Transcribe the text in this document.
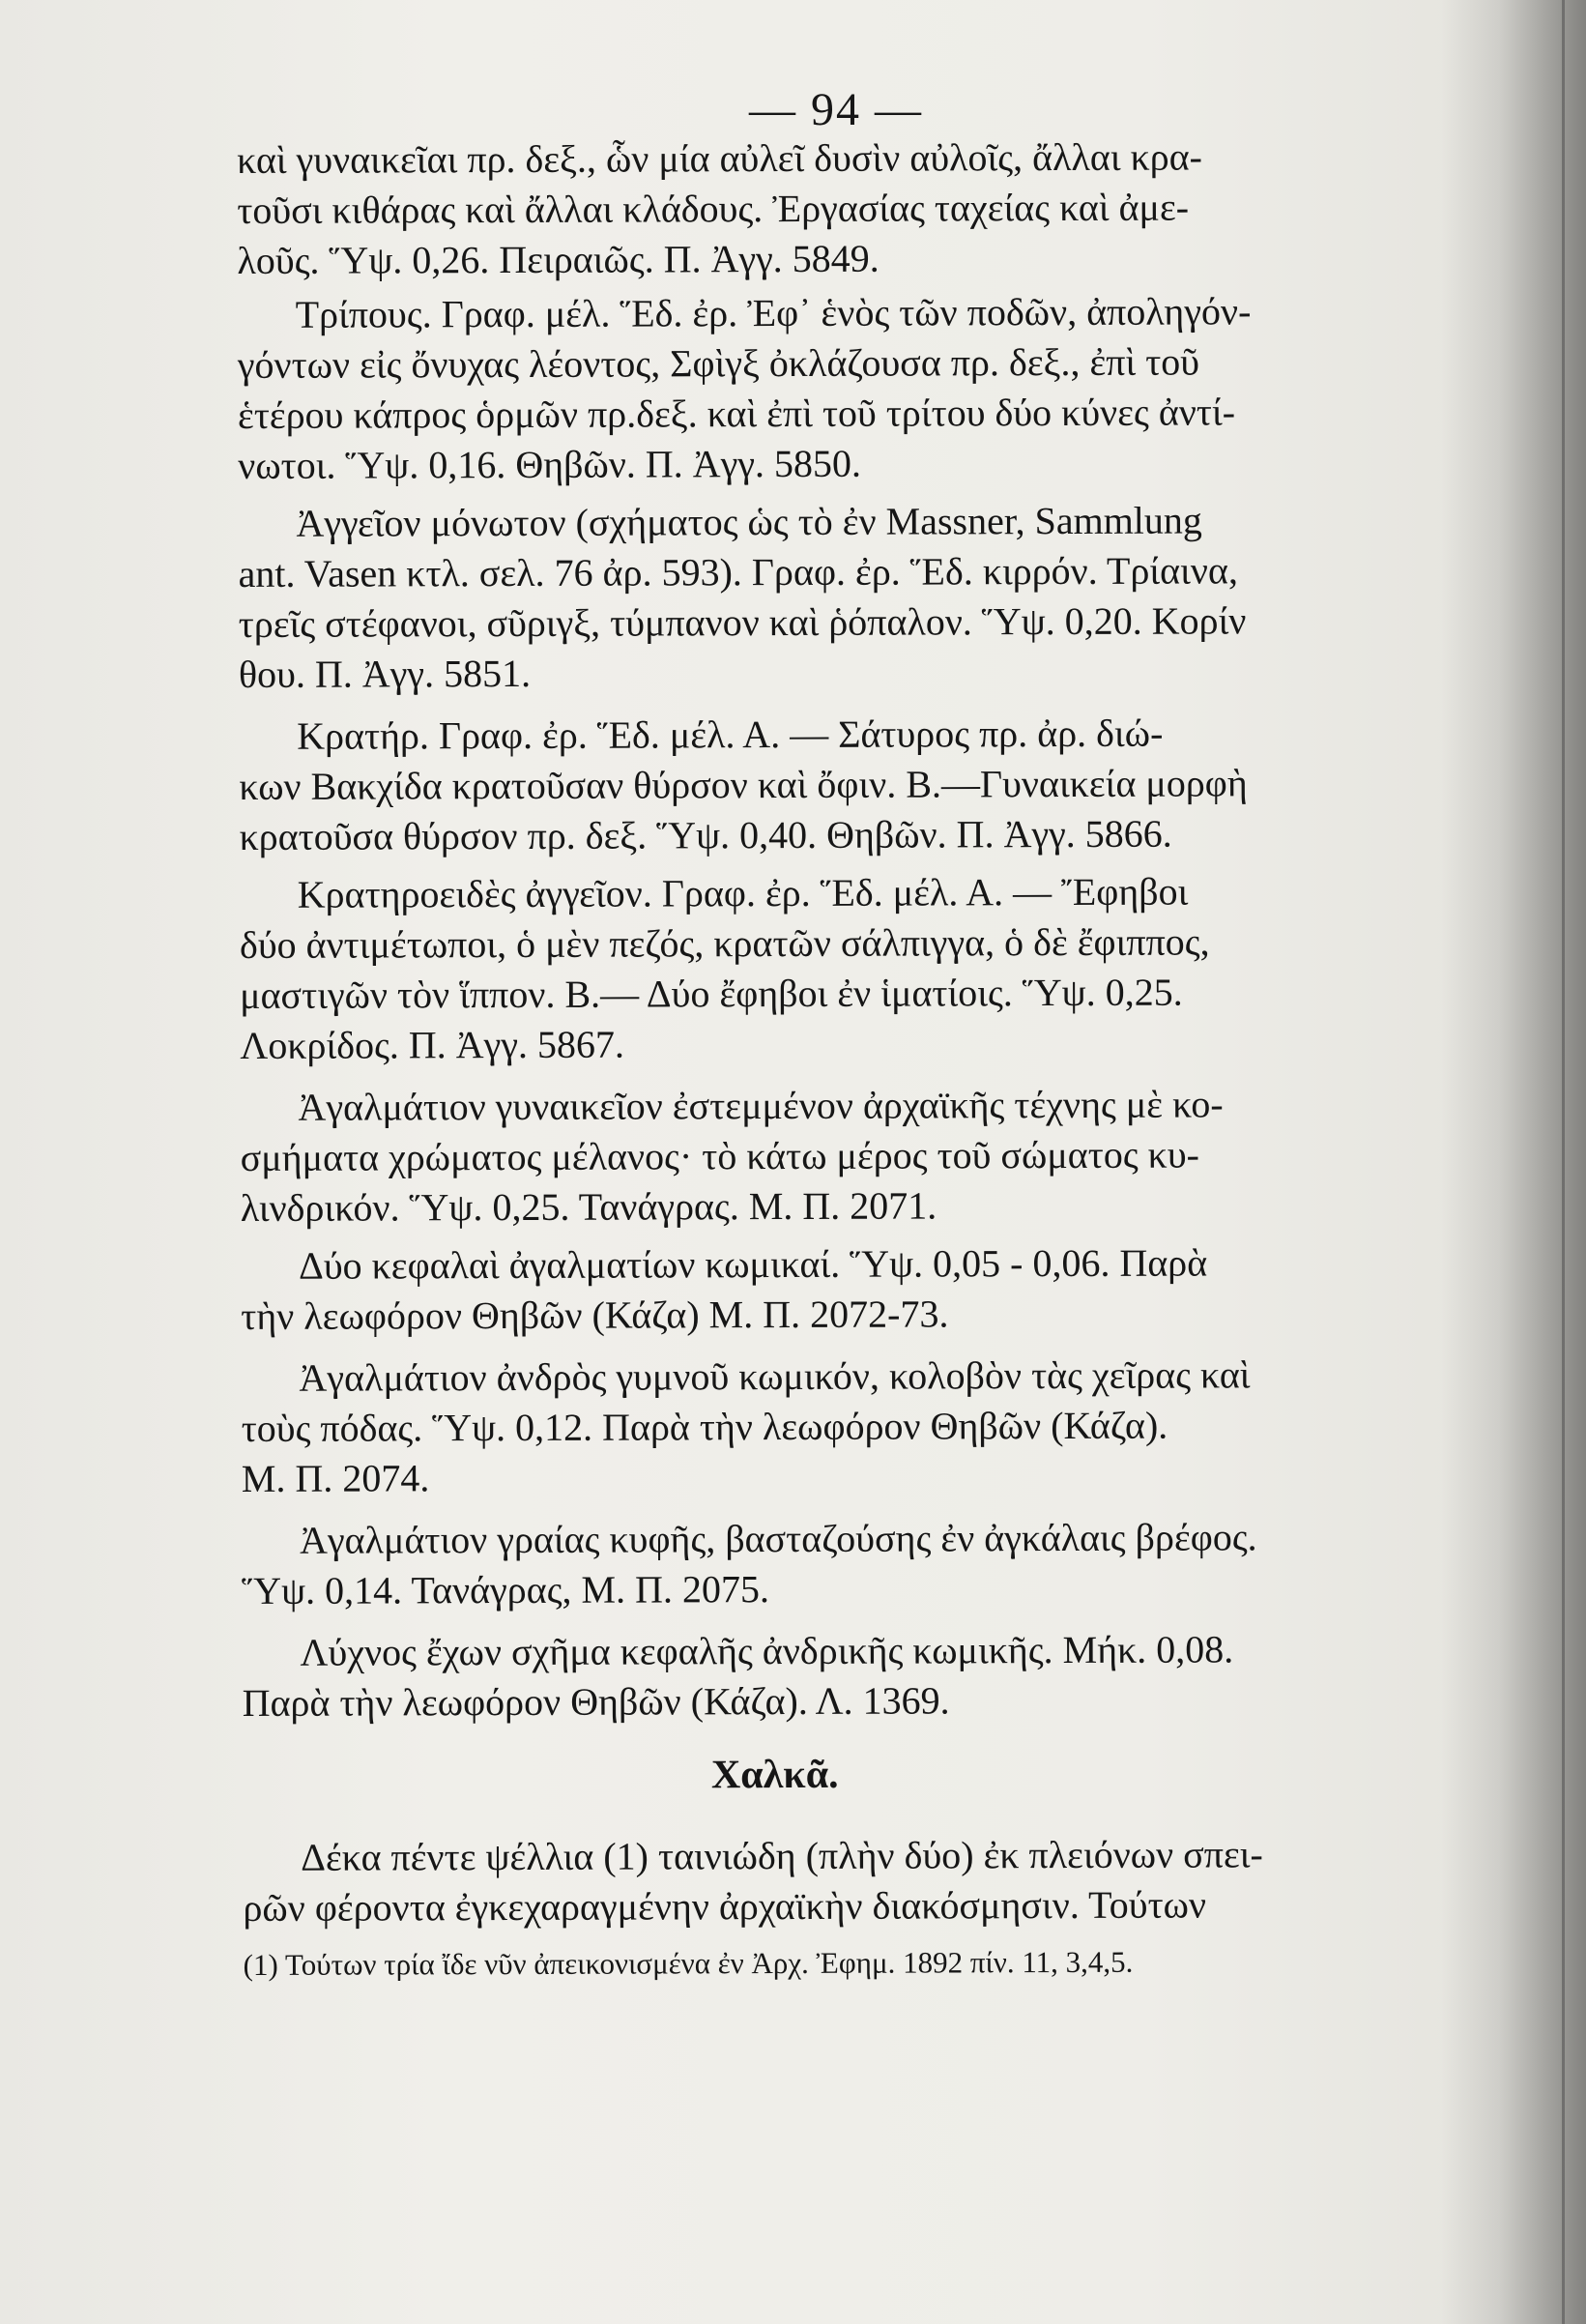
— 94 —
καὶ γυναικεῖαι πρ. δεξ., ὧν μία αὐλεῖ δυσὶν αὐλοῖς, ἄλλαι κρα-
τοῦσι κιθάρας καὶ ἄλλαι κλάδους. Ἐργασίας ταχείας καὶ ἀμε-
λοῦς. Ὕψ. 0,26. Πειραιῶς. Π. Ἀγγ. 5849.
Τρίπους. Γραφ. μέλ. Ἕδ. ἐρ. Ἐφ᾽ ἑνὸς τῶν ποδῶν, ἀποληγόν-
γόντων εἰς ὄνυχας λέοντος, Σφὶγξ ὀκλάζουσα πρ. δεξ., ἐπὶ τοῦ
ἑτέρου κάπρος ὁρμῶν πρ.δεξ. καὶ ἐπὶ τοῦ τρίτου δύο κύνες ἀντί-
νωτοι. Ὕψ. 0,16. Θηβῶν. Π. Ἀγγ. 5850.
Ἀγγεῖον μόνωτον (σχήματος ὡς τὸ ἐν Massner, Sammlung
ant. Vasen κτλ. σελ. 76 ἀρ. 593). Γραφ. ἐρ. Ἕδ. κιρρόν. Τρίαινα,
τρεῖς στέφανοι, σῦριγξ, τύμπανον καὶ ῥόπαλον. Ὕψ. 0,20. Κορίν
θου. Π. Ἀγγ. 5851.
Κρατήρ. Γραφ. ἐρ. Ἕδ. μέλ. Α. — Σάτυρος πρ. ἀρ. διώ-
κων Βακχίδα κρατοῦσαν θύρσον καὶ ὄφιν. Β.—Γυναικεία μορφὴ
κρατοῦσα θύρσον πρ. δεξ. Ὕψ. 0,40. Θηβῶν. Π. Ἀγγ. 5866.
Κρατηροειδὲς ἀγγεῖον. Γραφ. ἐρ. Ἕδ. μέλ. Α. — Ἔφηβοι
δύο ἀντιμέτωποι, ὁ μὲν πεζός, κρατῶν σάλπιγγα, ὁ δὲ ἔφιππος,
μαστιγῶν τὸν ἵππον. Β.— Δύο ἔφηβοι ἐν ἱματίοις. Ὕψ. 0,25.
Λοκρίδος. Π. Ἀγγ. 5867.
Ἀγαλμάτιον γυναικεῖον ἐστεμμένον ἀρχαϊκῆς τέχνης μὲ κο-
σμήματα χρώματος μέλανος· τὸ κάτω μέρος τοῦ σώματος κυ-
λινδρικόν. Ὕψ. 0,25. Τανάγρας. Μ. Π. 2071.
Δύο κεφαλαὶ ἀγαλματίων κωμικαί. Ὕψ. 0,05 - 0,06. Παρὰ
τὴν λεωφόρον Θηβῶν (Κάζα) Μ. Π. 2072-73.
Ἀγαλμάτιον ἀνδρὸς γυμνοῦ κωμικόν, κολοβὸν τὰς χεῖρας καὶ
τοὺς πόδας. Ὕψ. 0,12. Παρὰ τὴν λεωφόρον Θηβῶν (Κάζα).
Μ. Π. 2074.
Ἀγαλμάτιον γραίας κυφῆς, βασταζούσης ἐν ἀγκάλαις βρέφος.
Ὕψ. 0,14. Τανάγρας, Μ. Π. 2075.
Λύχνος ἔχων σχῆμα κεφαλῆς ἀνδρικῆς κωμικῆς. Μήκ. 0,08.
Παρὰ τὴν λεωφόρον Θηβῶν (Κάζα). Λ. 1369.
Χαλκᾶ.
Δέκα πέντε ψέλλια (1) ταινιώδη (πλὴν δύο) ἐκ πλειόνων σπει-
ρῶν φέροντα ἐγκεχαραγμένην ἀρχαϊκὴν διακόσμησιν. Τούτων
(1) Τούτων τρία ἴδε νῦν ἀπεικονισμένα ἐν Ἀρχ. Ἐφημ. 1892 πίν. 11, 3,4,5.
